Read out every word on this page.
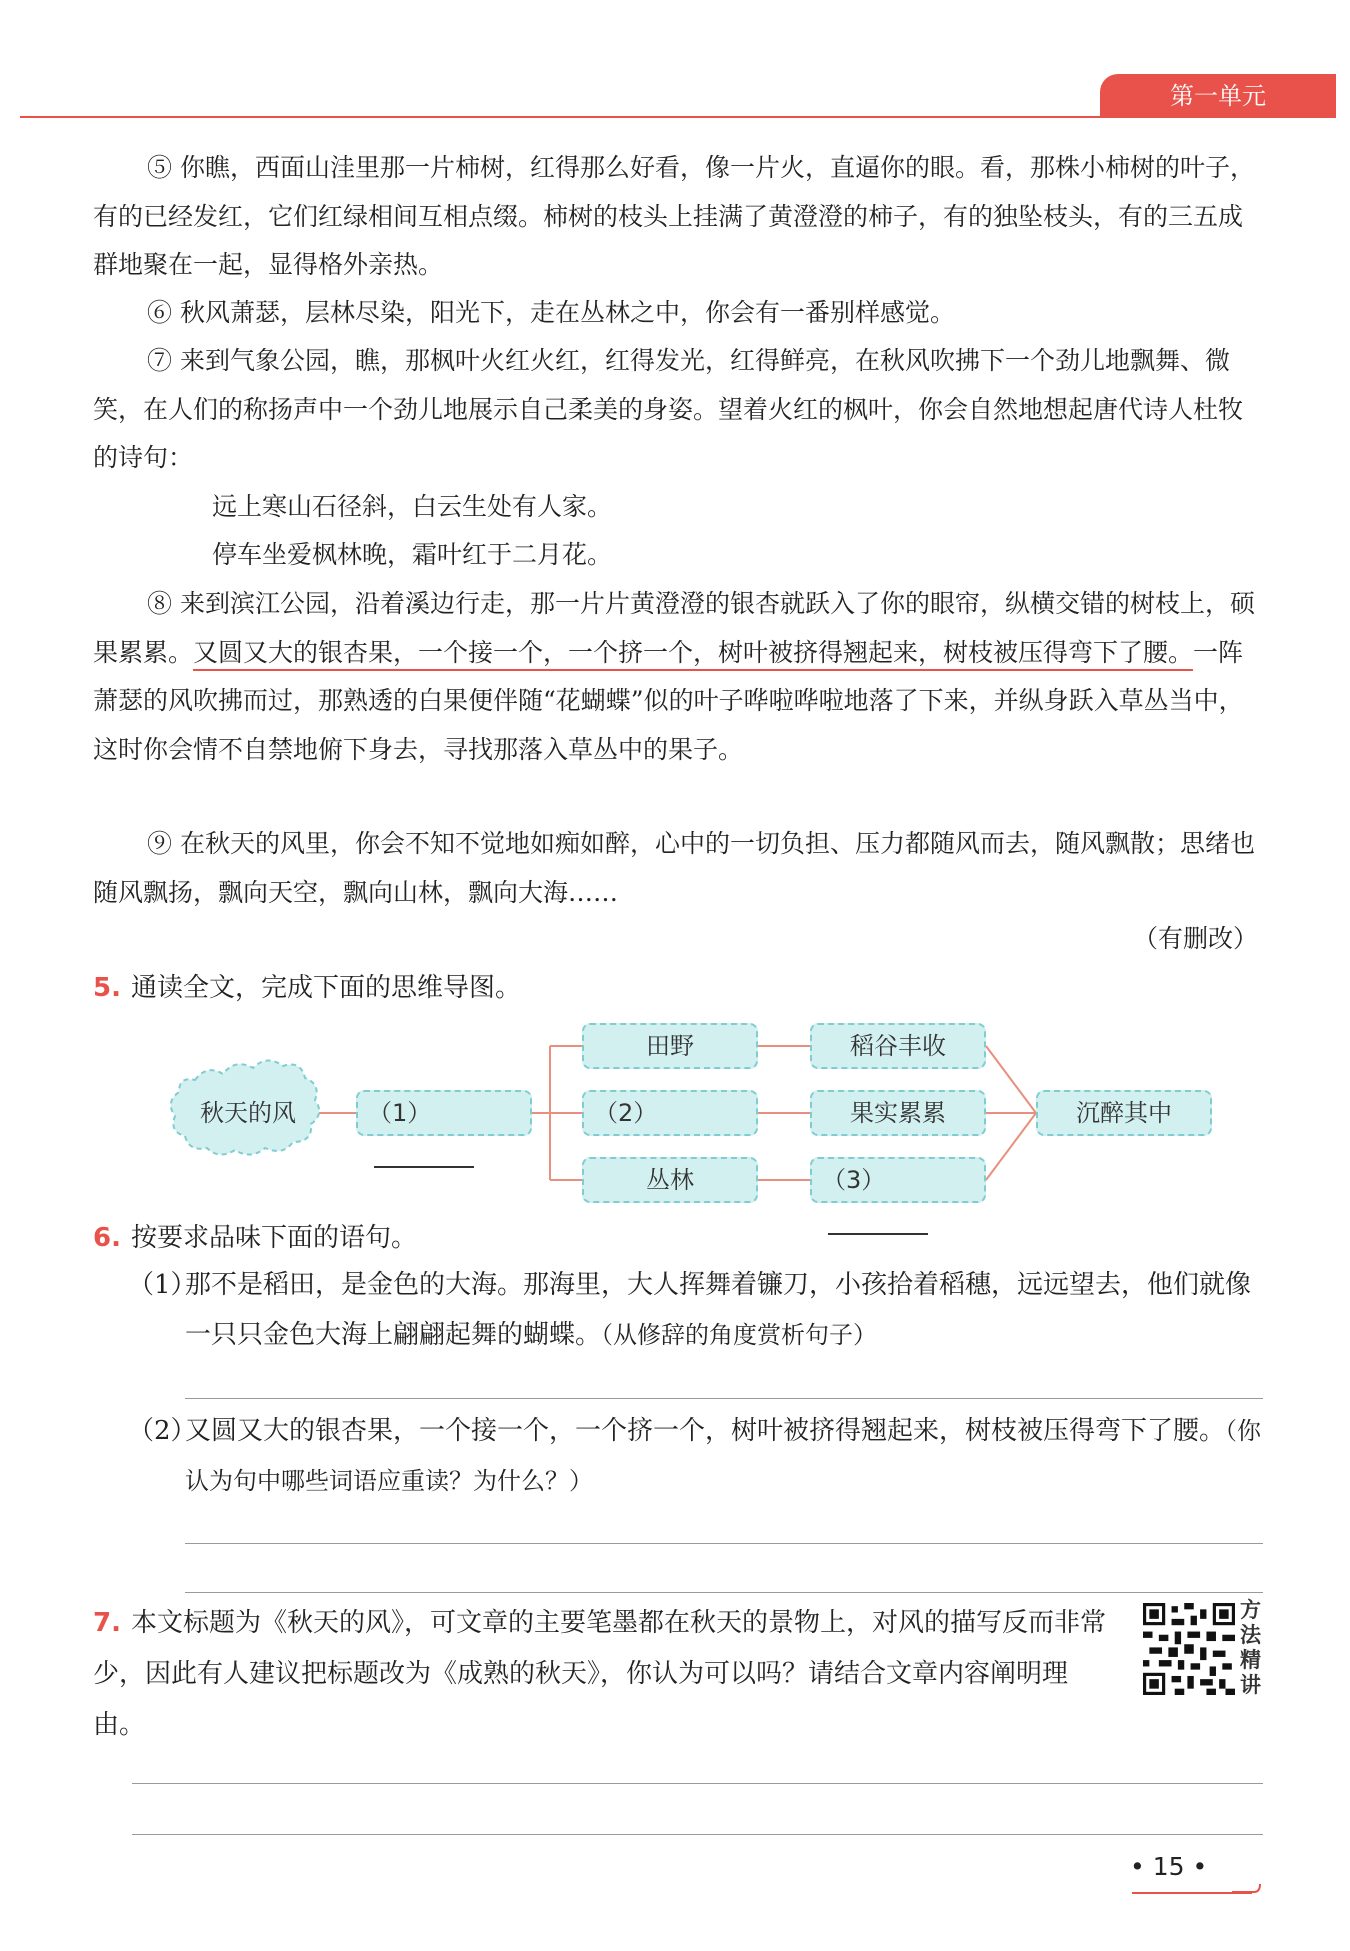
第一单元

⑤ 你瞧，西面山洼里那一片柿树，红得那么好看，像一片火，直逼你的眼。看，那株小柿树的叶子，有的已经发红，它们红绿相间互相点缀。柿树的枝头上挂满了黄澄澄的柿子，有的独坠枝头，有的三五成群地聚在一起，显得格外亲热。

⑥ 秋风萧瑟，层林尽染，阳光下，走在丛林之中，你会有一番别样感觉。

⑦ 来到气象公园，瞧，那枫叶火红火红，红得发光，红得鲜亮，在秋风吹拂下一个劲儿地飘舞、微笑，在人们的称扬声中一个劲儿地展示自己柔美的身姿。望着火红的枫叶，你会自然地想起唐代诗人杜牧的诗句：

远上寒山石径斜，白云生处有人家。

停车坐爱枫林晚，霜叶红于二月花。

⑧ 来到滨江公园，沿着溪边行走，那一片片黄澄澄的银杏就跃入了你的眼帘，纵横交错的树枝上，硕果累累。又圆又大的银杏果，一个接一个，一个挤一个，树叶被挤得翘起来，树枝被压得弯下了腰。一阵萧瑟的风吹拂而过，那熟透的白果便伴随“花蝴蝶”似的叶子哗啦哗啦地落了下来，并纵身跃入草丛当中，这时你会情不自禁地俯下身去，寻找那落入草丛中的果子。

⑨ 在秋天的风里，你会不知不觉地如痴如醉，心中的一切负担、压力都随风而去，随风飘散；思绪也随风飘扬，飘向天空，飘向山林，飘向大海……

（有删改）

5. 通读全文，完成下面的思维导图。

秋天的风	（1）
田野
（2）
丛林
稻谷丰收
果实累累
（3）
沉醉其中

6. 按要求品味下面的语句。

（1）

那不是稻田，是金色的大海。那海里，大人挥舞着镰刀，小孩拾着稻穗，远远望去，他们就像一只只金色大海上翩翩起舞的蝴蝶。（从修辞的角度赏析句子）

（2）

又圆又大的银杏果，一个接一个，一个挤一个，树叶被挤得翘起来，树枝被压得弯下了腰。（你认为句中哪些词语应重读？为什么？）

7. 本文标题为《秋天的风》，可文章的主要笔墨都在秋天的景物上，对风的描写反而非常少，因此有人建议把标题改为《成熟的秋天》，你认为可以吗？请结合文章内容阐明理由。

方法精讲
• 15 •
